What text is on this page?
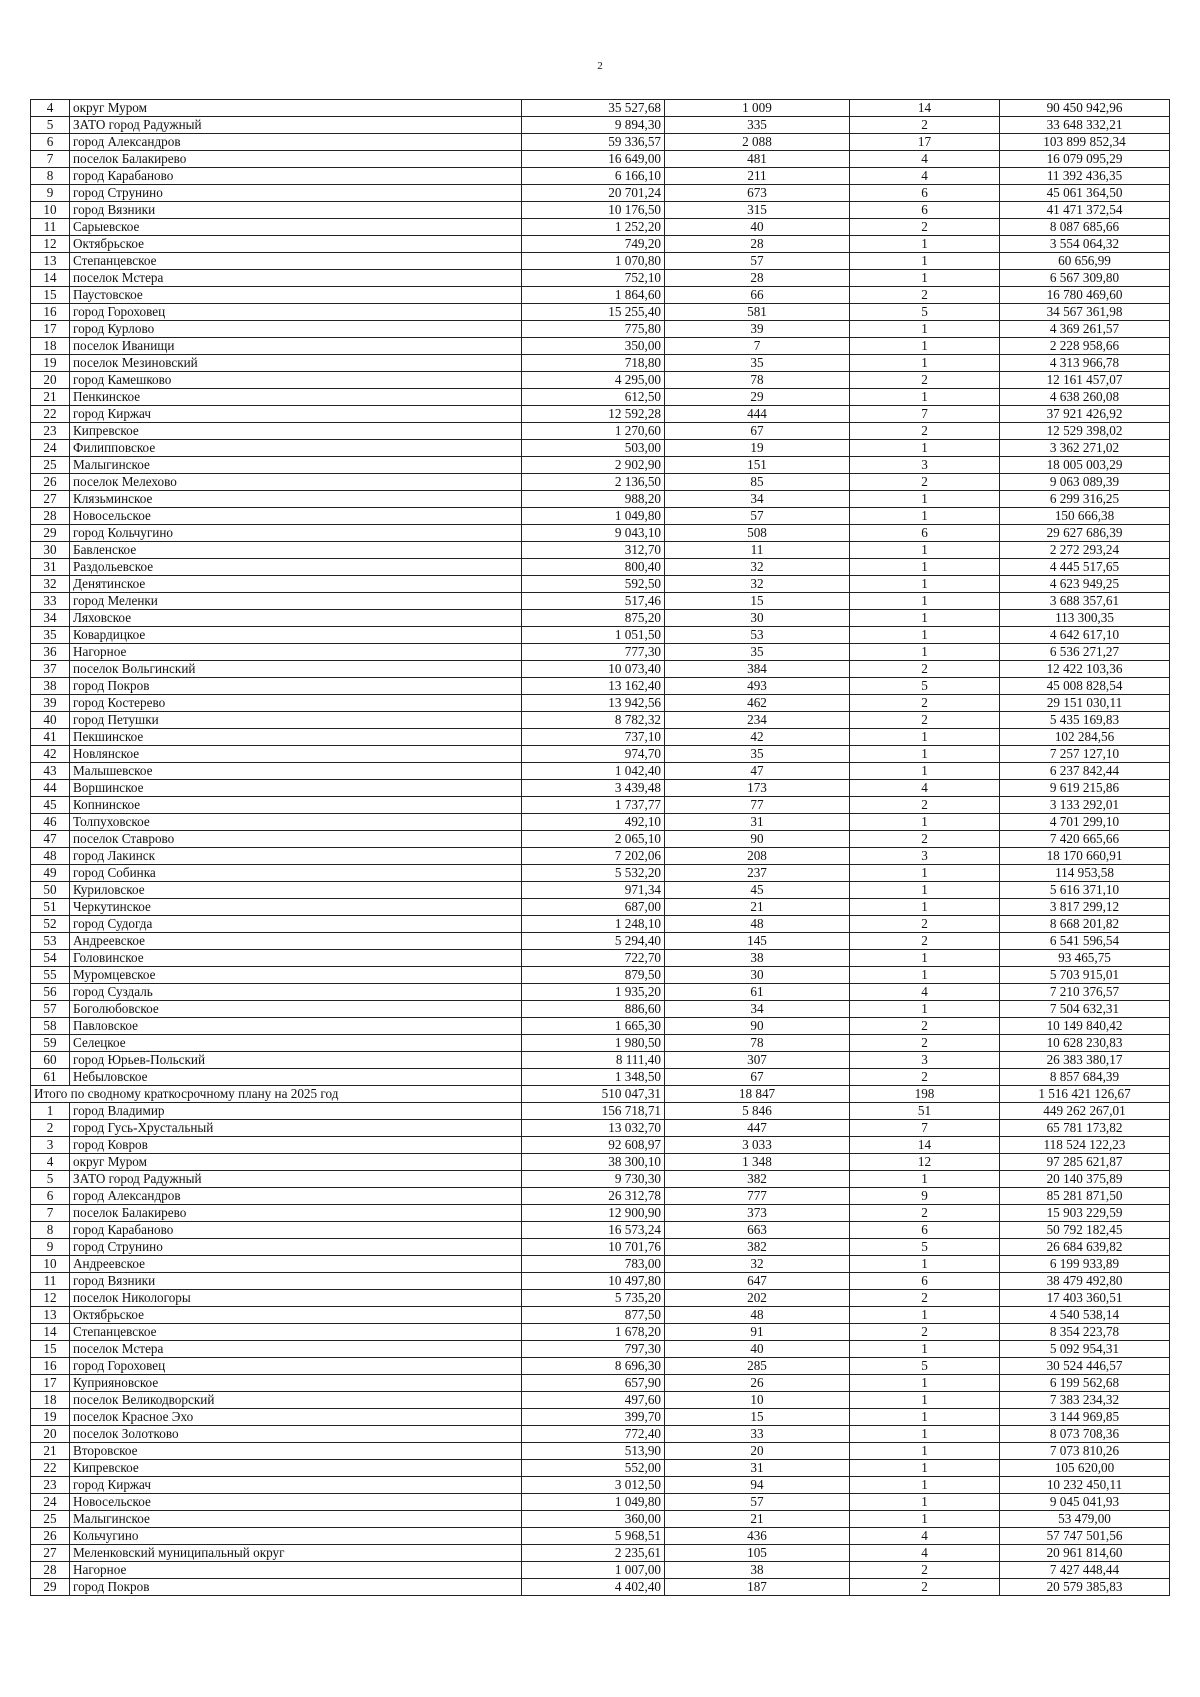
2
4	округ Муром	35 527,68	1 009	14	90 450 942,96
5	ЗАТО город Радужный	9 894,30	335	2	33 648 332,21
6	город Александров	59 336,57	2 088	17	103 899 852,34
7	поселок Балакирево	16 649,00	481	4	16 079 095,29
8	город Карабаново	6 166,10	211	4	11 392 436,35
9	город Струнино	20 701,24	673	6	45 061 364,50
10	город Вязники	10 176,50	315	6	41 471 372,54
11	Сарыевское	1 252,20	40	2	8 087 685,66
12	Октябрьское	749,20	28	1	3 554 064,32
13	Степанцевское	1 070,80	57	1	60 656,99
14	поселок Мстера	752,10	28	1	6 567 309,80
15	Паустовское	1 864,60	66	2	16 780 469,60
16	город Гороховец	15 255,40	581	5	34 567 361,98
17	город Курлово	775,80	39	1	4 369 261,57
18	поселок Иванищи	350,00	7	1	2 228 958,66
19	поселок Мезиновский	718,80	35	1	4 313 966,78
20	город Камешково	4 295,00	78	2	12 161 457,07
21	Пенкинское	612,50	29	1	4 638 260,08
22	город Киржач	12 592,28	444	7	37 921 426,92
23	Кипревское	1 270,60	67	2	12 529 398,02
24	Филипповское	503,00	19	1	3 362 271,02
25	Малыгинское	2 902,90	151	3	18 005 003,29
26	поселок Мелехово	2 136,50	85	2	9 063 089,39
27	Клязьминское	988,20	34	1	6 299 316,25
28	Новосельское	1 049,80	57	1	150 666,38
29	город Кольчугино	9 043,10	508	6	29 627 686,39
30	Бавленское	312,70	11	1	2 272 293,24
31	Раздольевское	800,40	32	1	4 445 517,65
32	Денятинское	592,50	32	1	4 623 949,25
33	город Меленки	517,46	15	1	3 688 357,61
34	Ляховское	875,20	30	1	113 300,35
35	Ковардицкое	1 051,50	53	1	4 642 617,10
36	Нагорное	777,30	35	1	6 536 271,27
37	поселок Вольгинский	10 073,40	384	2	12 422 103,36
38	город Покров	13 162,40	493	5	45 008 828,54
39	город Костерево	13 942,56	462	2	29 151 030,11
40	город Петушки	8 782,32	234	2	5 435 169,83
41	Пекшинское	737,10	42	1	102 284,56
42	Новлянское	974,70	35	1	7 257 127,10
43	Малышевское	1 042,40	47	1	6 237 842,44
44	Воршинское	3 439,48	173	4	9 619 215,86
45	Копнинское	1 737,77	77	2	3 133 292,01
46	Толпуховское	492,10	31	1	4 701 299,10
47	поселок Ставрово	2 065,10	90	2	7 420 665,66
48	город Лакинск	7 202,06	208	3	18 170 660,91
49	город Собинка	5 532,20	237	1	114 953,58
50	Куриловское	971,34	45	1	5 616 371,10
51	Черкутинское	687,00	21	1	3 817 299,12
52	город Судогда	1 248,10	48	2	8 668 201,82
53	Андреевское	5 294,40	145	2	6 541 596,54
54	Головинское	722,70	38	1	93 465,75
55	Муромцевское	879,50	30	1	5 703 915,01
56	город Суздаль	1 935,20	61	4	7 210 376,57
57	Боголюбовское	886,60	34	1	7 504 632,31
58	Павловское	1 665,30	90	2	10 149 840,42
59	Селецкое	1 980,50	78	2	10 628 230,83
60	город Юрьев-Польский	8 111,40	307	3	26 383 380,17
61	Небыловское	1 348,50	67	2	8 857 684,39
Итого по сводному краткосрочному плану на 2025 год		510 047,31	18 847	198	1 516 421 126,67
1	город Владимир	156 718,71	5 846	51	449 262 267,01
2	город Гусь-Хрустальный	13 032,70	447	7	65 781 173,82
3	город Ковров	92 608,97	3 033	14	118 524 122,23
4	округ Муром	38 300,10	1 348	12	97 285 621,87
5	ЗАТО город Радужный	9 730,30	382	1	20 140 375,89
6	город Александров	26 312,78	777	9	85 281 871,50
7	поселок Балакирево	12 900,90	373	2	15 903 229,59
8	город Карабаново	16 573,24	663	6	50 792 182,45
9	город Струнино	10 701,76	382	5	26 684 639,82
10	Андреевское	783,00	32	1	6 199 933,89
11	город Вязники	10 497,80	647	6	38 479 492,80
12	поселок Никологоры	5 735,20	202	2	17 403 360,51
13	Октябрьское	877,50	48	1	4 540 538,14
14	Степанцевское	1 678,20	91	2	8 354 223,78
15	поселок Мстера	797,30	40	1	5 092 954,31
16	город Гороховец	8 696,30	285	5	30 524 446,57
17	Куприяновское	657,90	26	1	6 199 562,68
18	поселок Великодворский	497,60	10	1	7 383 234,32
19	поселок Красное Эхо	399,70	15	1	3 144 969,85
20	поселок Золотково	772,40	33	1	8 073 708,36
21	Второвское	513,90	20	1	7 073 810,26
22	Кипревское	552,00	31	1	105 620,00
23	город Киржач	3 012,50	94	1	10 232 450,11
24	Новосельское	1 049,80	57	1	9 045 041,93
25	Малыгинское	360,00	21	1	53 479,00
26	Кольчугино	5 968,51	436	4	57 747 501,56
27	Меленковский муниципальный округ	2 235,61	105	4	20 961 814,60
28	Нагорное	1 007,00	38	2	7 427 448,44
29	город Покров	4 402,40	187	2	20 579 385,83
